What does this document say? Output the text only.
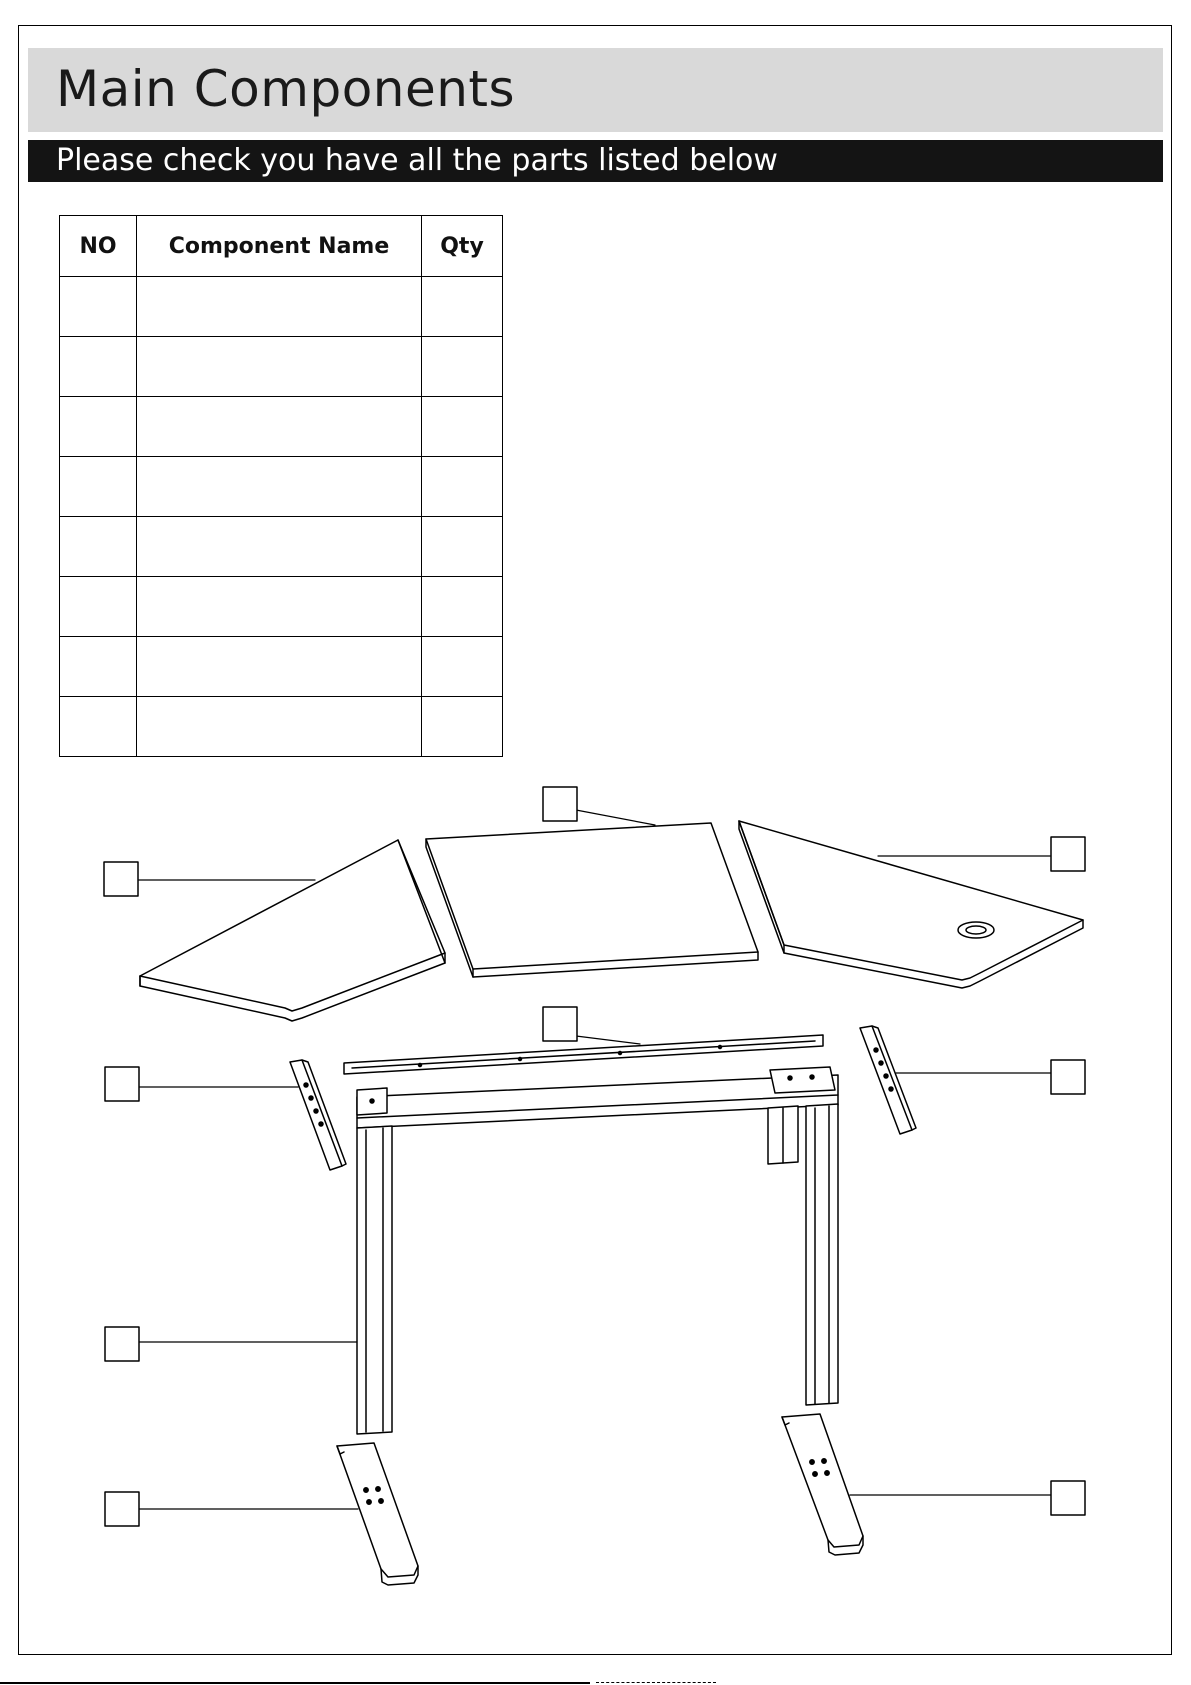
Main Components
Please check you have all the parts listed below
NO	Component Name	Qty
